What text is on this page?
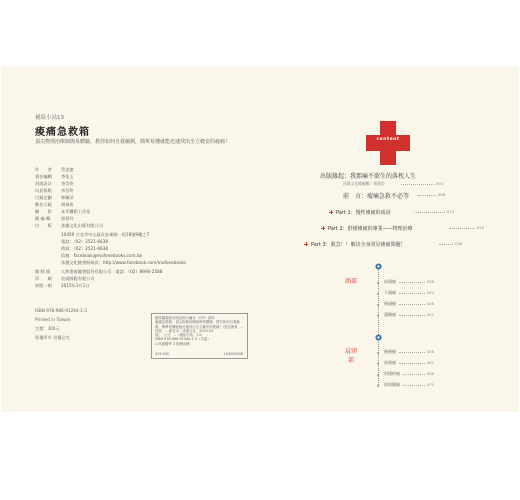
補給小站13
痠痛急救箱
頂尖物理治療師簡易體驗，教你如何自我檢測，簡單易懂就能迅速找出全立範安的疲痛！
作　　者	蔡忠憲
責任編輯	李佳玉
封面設計	李岱伶
內頁排版	李岱伶
行銷企劃	林姵萍
動作示範	胡瑞育
攝　　影	本萃攝影工作室
總 編 輯	郭碧玲
出　　版	沐風文化出版有限公司
10459 台北市中山區長安東路一段18號9樓之7
電話：（02）2521-6638
傳真：（02）2521-6638
信箱：facebook@mufonebooks.com.tw
沐風文化臉書粉絲頁：http://www.facebook.com/mufonebooks
總 經 銷	大和書報圖書股份有限公司　 電話：（02）8990-2588
印　　刷	宏就國際有限公司
初版一刷	2015年3月1日
ISBN 978-986-91264-1-3
Printed in Taiwan
定價：300元
版權所有 侵權必究
國家圖書館出版品預行編目（CIP）資料
痠痛急救箱：頂尖物理治療師簡易體驗，教你如何自我檢測，簡單易懂就能迅速找出全立範安的疲痛！/蔡忠憲著．-- 初版．-- 臺北市：沐風文化，2015.03
面；　公分．--（補給小站；13）
ISBN 978-986-91264-1-3（平裝）
1.疼痛醫學 2.物理治療
415.942	104000298
content
出版緣起：我那痛不欲生的落枕人生
沐風文化總編輯／郭碧玲	004
前　言：痠痛急救不必等	008
Part 1：慢性痠痛的成因	012
Part 2：舒緩痠痛的專業——物理治療	020
Part 3：救急！！解決全身常見痠痛問題！	036
頭部	前頭痛	038
下頭痛	044
後頭痛	048
頭側痛	052
肩頸部
後頸痛	058
前頸痛	062
斜頸疼痛	066
肩周圍痛	070
